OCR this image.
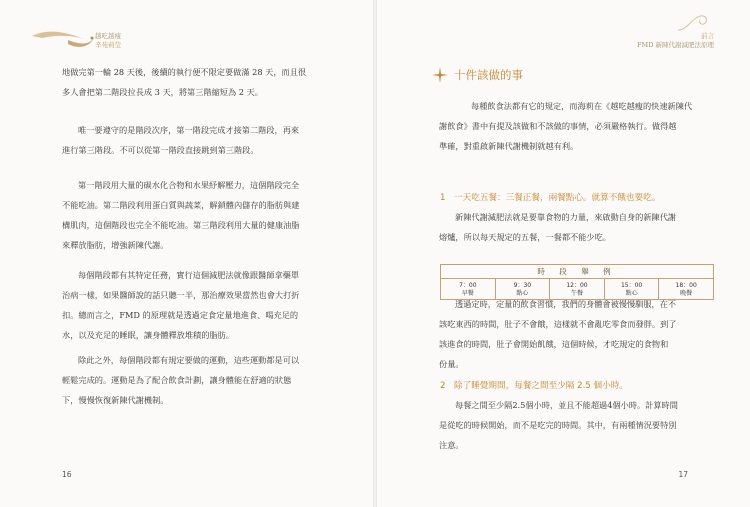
越吃越瘦
辛苑莉莹
前言
FMD 新陳代謝減肥法原理

地做完第一輪 28 天後，後續的執行便不限定要做滿 28 天，而且很

多人會把第二階段拉長成 3 天，將第三階縮短為 2 天。

唯一要遵守的是階段次序，第一階段完成才接第二階段，再來

進行第三階段。不可以從第一階段直接跳到第三階段。

第一階段用大量的碳水化合物和水果紓解壓力，這個階段完全

不能吃油。第二階段利用蛋白質與蔬菜，解鎖體內儲存的脂肪與建

構肌肉，這個階段也完全不能吃油。第三階段利用大量的健康油脂

來釋放脂肪，增強新陳代謝。

每個階段都有其特定任務，實行這個減肥法就像跟醫師拿藥單

治病一樣，如果醫師說的話只聽一半，那治療效果當然也會大打折

扣。總而言之，FMD 的原理就是透過定食定量地進食、喝充足的

水，以及充足的睡眠，讓身體釋放堆積的脂肪。

除此之外，每個階段都有規定要做的運動，這些運動都是可以

輕鬆完成的。運動是為了配合飲食計劃，讓身體能在舒適的狀態

下，慢慢恢復新陳代謝機制。

16
十件該做的事

每種飲食法都有它的規定，而海莉在《越吃越瘦的快速新陳代

謝飲食》書中有提及該做和不該做的事情，必須嚴格執行。做得越

準確，對重啟新陳代謝機制就越有利。

1　一天吃五餐：三餐正餐，兩餐點心。就算不餓也要吃。

新陳代謝減肥法就是要靠食物的力量，來啟動自身的新陳代謝

熔爐，所以每天規定的五餐，一餐都不能少吃。

時 段 舉 例
7：00
早餐
9：30
點心
12：00
午餐
15：00
點心
18：00
晚餐

透過定時，定量的飲食習慣，我們的身體會被慢慢馴服，在不

該吃東西的時間，肚子不會餓，這樣就不會亂吃零食而發胖。到了

該進食的時間，肚子會開始飢餓，這個時候，才吃規定的食物和

份量。

2　除了睡覺期間，每餐之間至少隔 2.5 個小時。

每餐之間至少隔2.5個小時，並且不能超過4個小時。計算時間

是從吃的時候開始，而不是吃完的時間。其中，有兩種情況要特別

注意。

17
